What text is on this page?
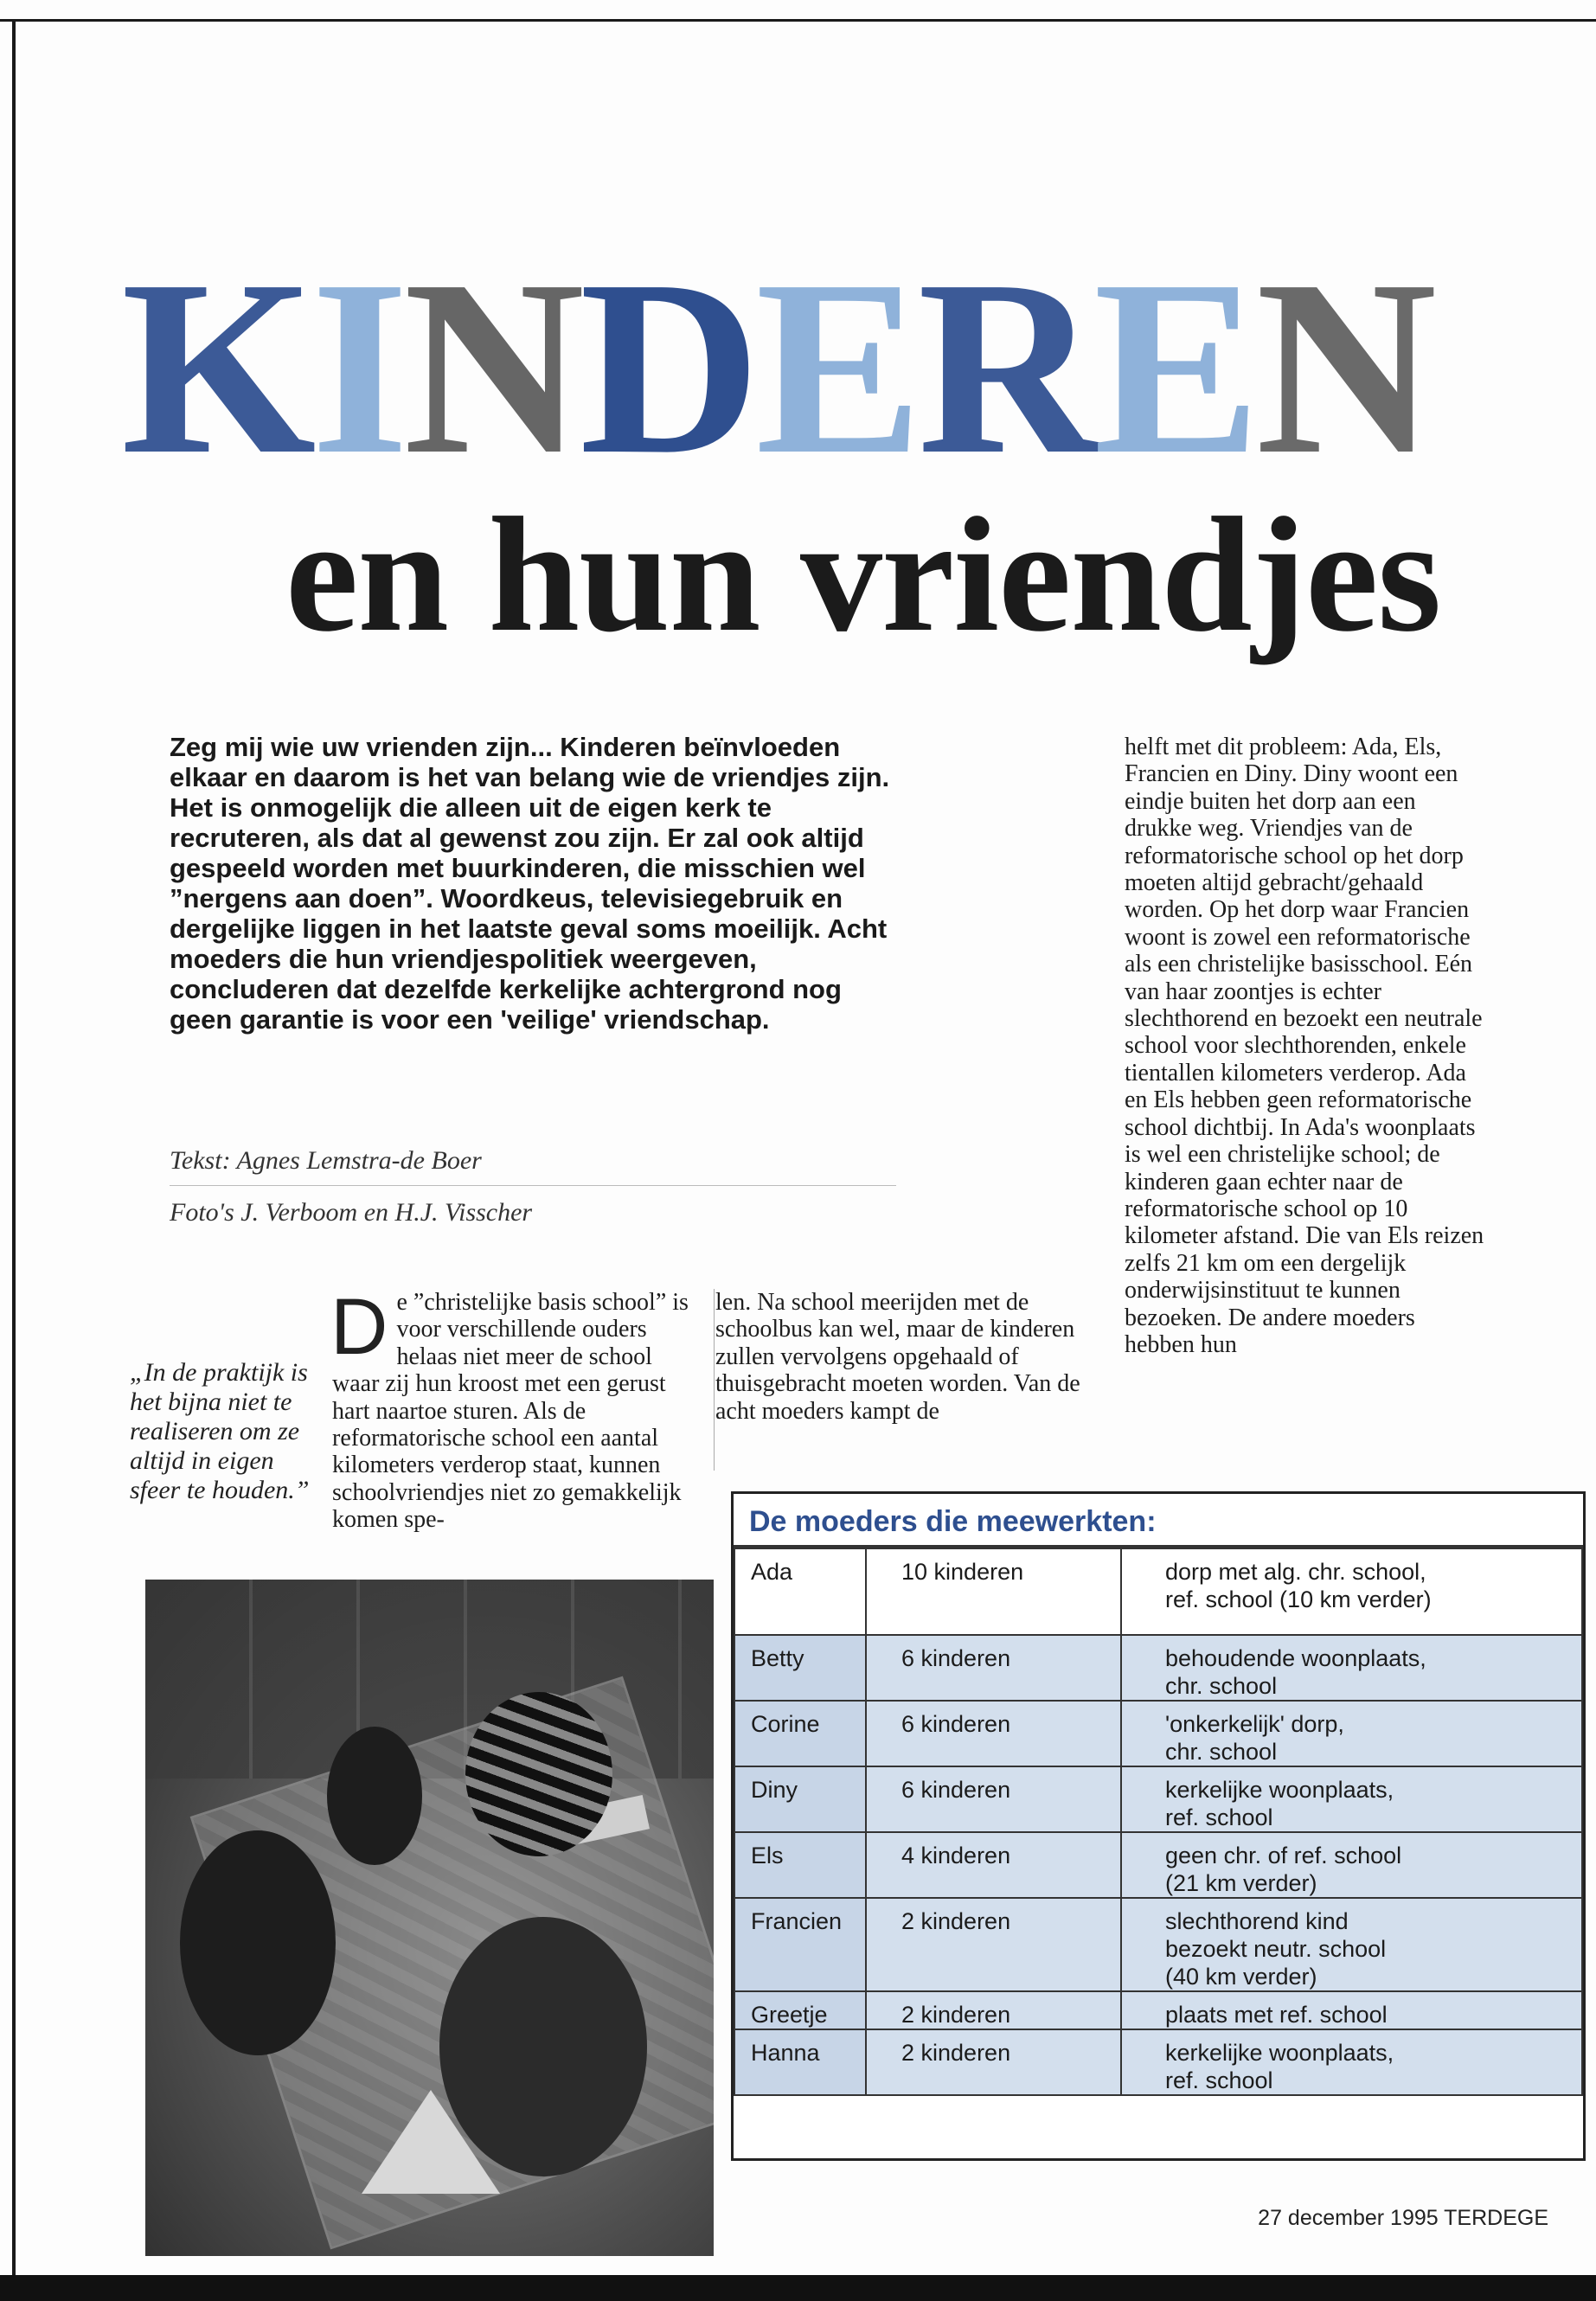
KINDEREN
en hun vriendjes

Zeg mij wie uw vrienden zijn... Kinderen beïnvloeden elkaar en daarom is het van belang wie de vriendjes zijn. Het is onmogelijk die alleen uit de eigen kerk te recruteren, als dat al gewenst zou zijn. Er zal ook altijd gespeeld worden met buurkinderen, die misschien wel ”nergens aan doen”. Woordkeus, televisiegebruik en dergelijke liggen in het laatste geval soms moeilijk. Acht moeders die hun vriendjespolitiek weergeven, concluderen dat dezelfde kerkelijke achtergrond nog geen garantie is voor een 'veilige' vriendschap.

Tekst: Agnes Lemstra-de Boer

Foto's J. Verboom en H.J. Visscher

„In de praktijk is het bijna niet te realiseren om ze altijd in eigen sfeer te houden.”

De ”christelijke basis school” is voor verschillende ouders helaas niet meer de school waar zij hun kroost met een gerust hart naartoe sturen. Als de reformatorische school een aantal kilometers verderop staat, kunnen schoolvriendjes niet zo gemakkelijk komen spe-

len. Na school meerijden met de schoolbus kan wel, maar de kinderen zullen vervolgens opgehaald of thuisgebracht moeten worden. Van de acht moeders kampt de

helft met dit probleem: Ada, Els, Francien en Diny. Diny woont een eindje buiten het dorp aan een drukke weg. Vriendjes van de reformatorische school op het dorp moeten altijd gebracht/gehaald worden. Op het dorp waar Francien woont is zowel een reformatorische als een christelijke basisschool. Eén van haar zoontjes is echter slechthorend en bezoekt een neutrale school voor slechthorenden, enkele tientallen kilometers verderop. Ada en Els hebben geen reformatorische school dichtbij. In Ada's woonplaats is wel een christelijke school; de kinderen gaan echter naar de reformatorische school op 10 kilometer afstand. Die van Els reizen zelfs 21 km om een dergelijk onderwijsinstituut te kunnen bezoeken. De andere moeders hebben hun

De moeders die meewerkten:
Ada	10 kinderen	dorp met alg. chr. school,
ref. school (10 km verder)
Betty	6 kinderen	behoudende woonplaats,
chr. school
Corine	6 kinderen	'onkerkelijk' dorp,
chr. school
Diny	6 kinderen	kerkelijke woonplaats,
ref. school
Els	4 kinderen	geen chr. of ref. school
(21 km verder)
Francien	2 kinderen	slechthorend kind
bezoekt neutr. school
(40 km verder)
Greetje	2 kinderen	plaats met ref. school
Hanna	2 kinderen	kerkelijke woonplaats,
ref. school

27 december 1995 TERDEGE
